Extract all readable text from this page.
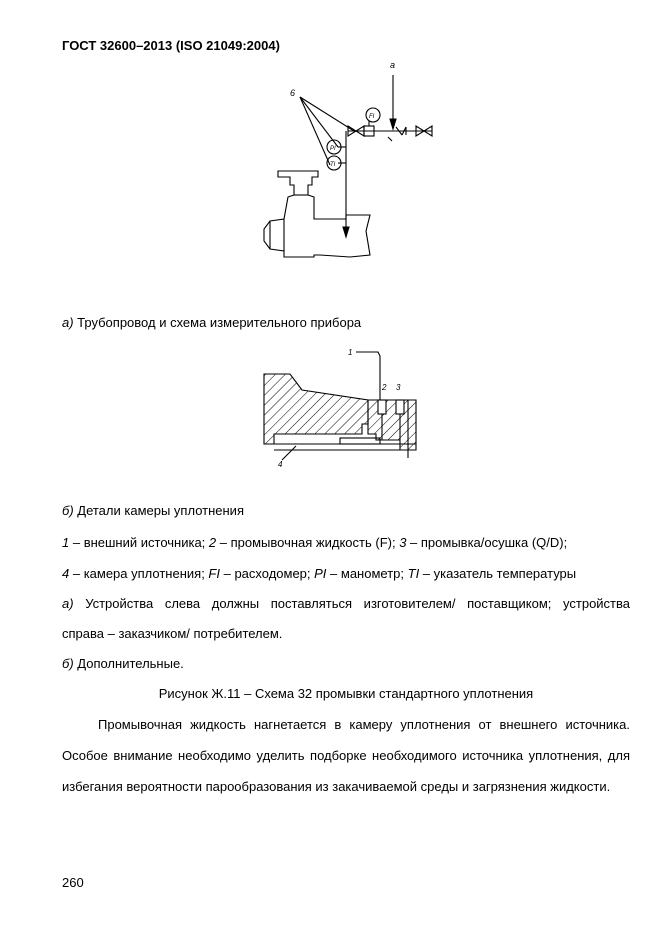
ГОСТ 32600–2013 (ISO 21049:2004)
6
а
FI
PI
TI
а) Трубопровод и схема измерительного прибора
1
2 3
4
б) Детали камеры уплотнения
1 – внешний источника; 2 – промывочная жидкость (F); 3 – промывка/осушка (Q/D);
4 – камера уплотнения; FI – расходомер; PI – манометр; TI – указатель температуры
а) Устройства слева должны поставляться изготовителем/ поставщиком; устройства
справа – заказчиком/ потребителем.
б) Дополнительные.
Рисунок Ж.11 – Схема 32 промывки стандартного уплотнения
Промывочная жидкость нагнетается в камеру уплотнения от внешнего источника. Особое внимание необходимо уделить подборке необходимого источника уплотнения, для избегания вероятности парообразования из закачиваемой среды и загрязнения жидкости.
260
